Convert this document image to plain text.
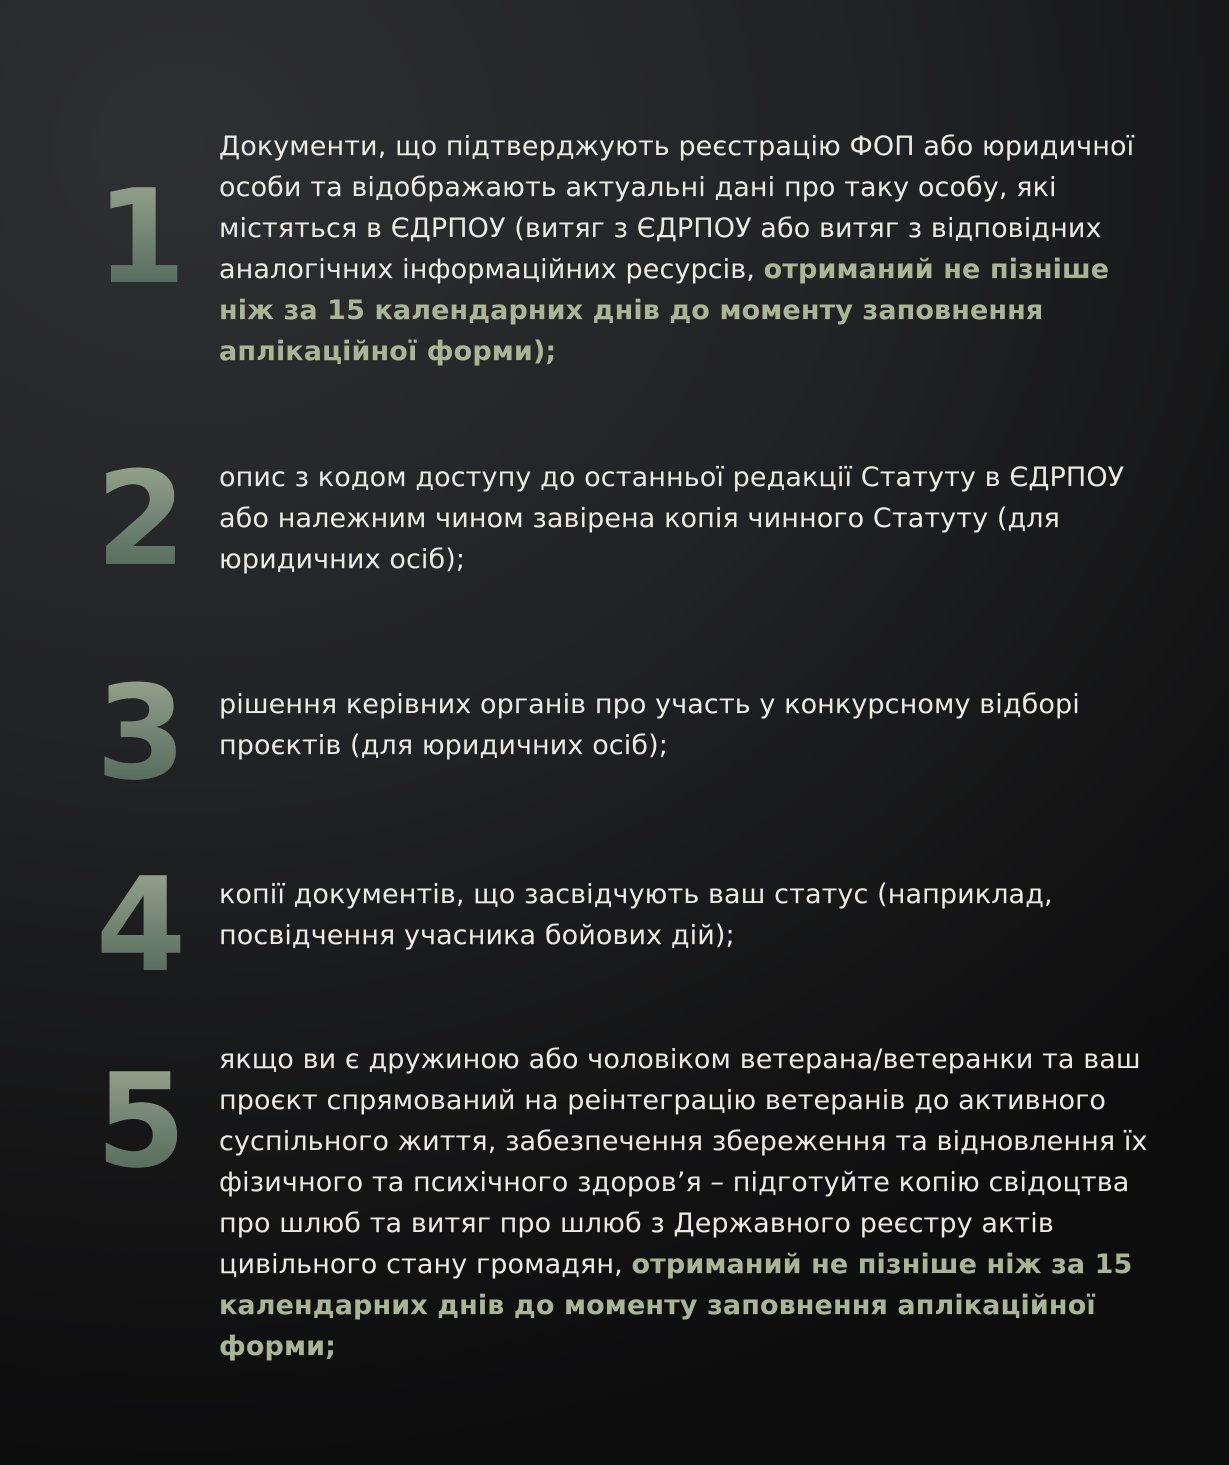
1

Документи, що підтверджують реєстрацію ФОП або юридичної особи та відображають актуальні дані про таку особу, які містяться в ЄДРПОУ (витяг з ЄДРПОУ або витяг з відповідних аналогічних інформаційних ресурсів, отриманий не пізніше ніж за 15 календарних днів до моменту заповнення аплікаційної форми);

2	опис з кодом доступу до останньої редакції Статуту в ЄДРПОУ або належним чином завірена копія чинного Статуту (для юридичних осіб);

3	рішення керівних органів про участь у конкурсному відборі проєктів (для юридичних осіб);

4	копії документів, що засвідчують ваш статус (наприклад, посвідчення учасника бойових дій);

5	якщо ви є дружиною або чоловіком ветерана/ветеранки та ваш проєкт спрямований на реінтеграцію ветеранів до активного суспільного життя, забезпечення збереження та відновлення їх фізичного та психічного здоров’я – підготуйте копію свідоцтва про шлюб та витяг про шлюб з Державного реєстру актів цивільного стану громадян, отриманий не пізніше ніж за 15 календарних днів до моменту заповнення аплікаційної форми;
